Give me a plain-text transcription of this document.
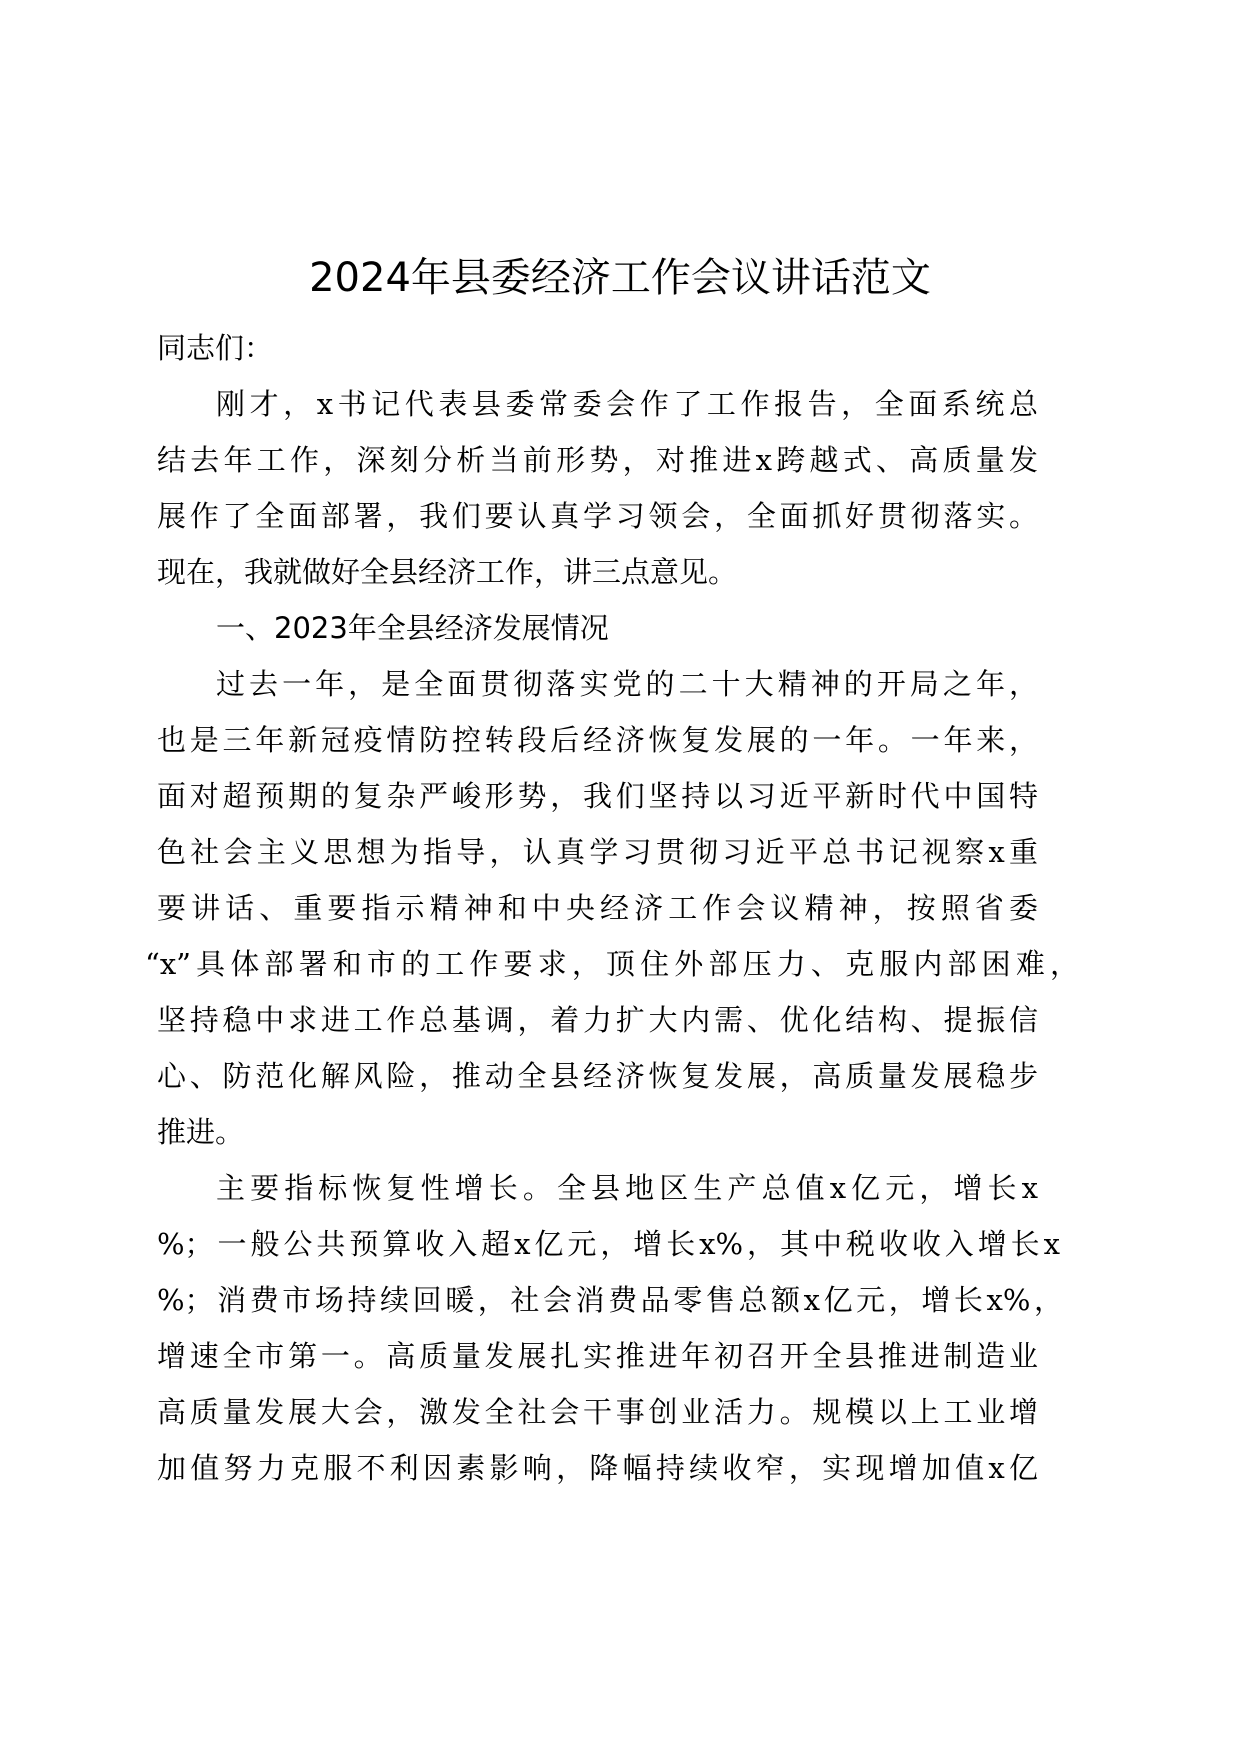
2024年县委经济工作会议讲话范文
同志们：
刚才，x书记代表县委常委会作了工作报告，全面系统总
结去年工作，深刻分析当前形势，对推进x跨越式、高质量发
展作了全面部署，我们要认真学习领会，全面抓好贯彻落实。
现在，我就做好全县经济工作，讲三点意见。
一、2023年全县经济发展情况
过去一年，是全面贯彻落实党的二十大精神的开局之年，
也是三年新冠疫情防控转段后经济恢复发展的一年。一年来，
面对超预期的复杂严峻形势，我们坚持以习近平新时代中国特
色社会主义思想为指导，认真学习贯彻习近平总书记视察x重
要讲话、重要指示精神和中央经济工作会议精神，按照省委
“x”具体部署和市的工作要求，顶住外部压力、克服内部困难，
坚持稳中求进工作总基调，着力扩大内需、优化结构、提振信
心、防范化解风险，推动全县经济恢复发展，高质量发展稳步
推进。
主要指标恢复性增长。全县地区生产总值x亿元，增长x
%；一般公共预算收入超x亿元，增长x%，其中税收收入增长x
%；消费市场持续回暖，社会消费品零售总额x亿元，增长x%，
增速全市第一。高质量发展扎实推进年初召开全县推进制造业
高质量发展大会，激发全社会干事创业活力。规模以上工业增
加值努力克服不利因素影响，降幅持续收窄，实现增加值x亿
